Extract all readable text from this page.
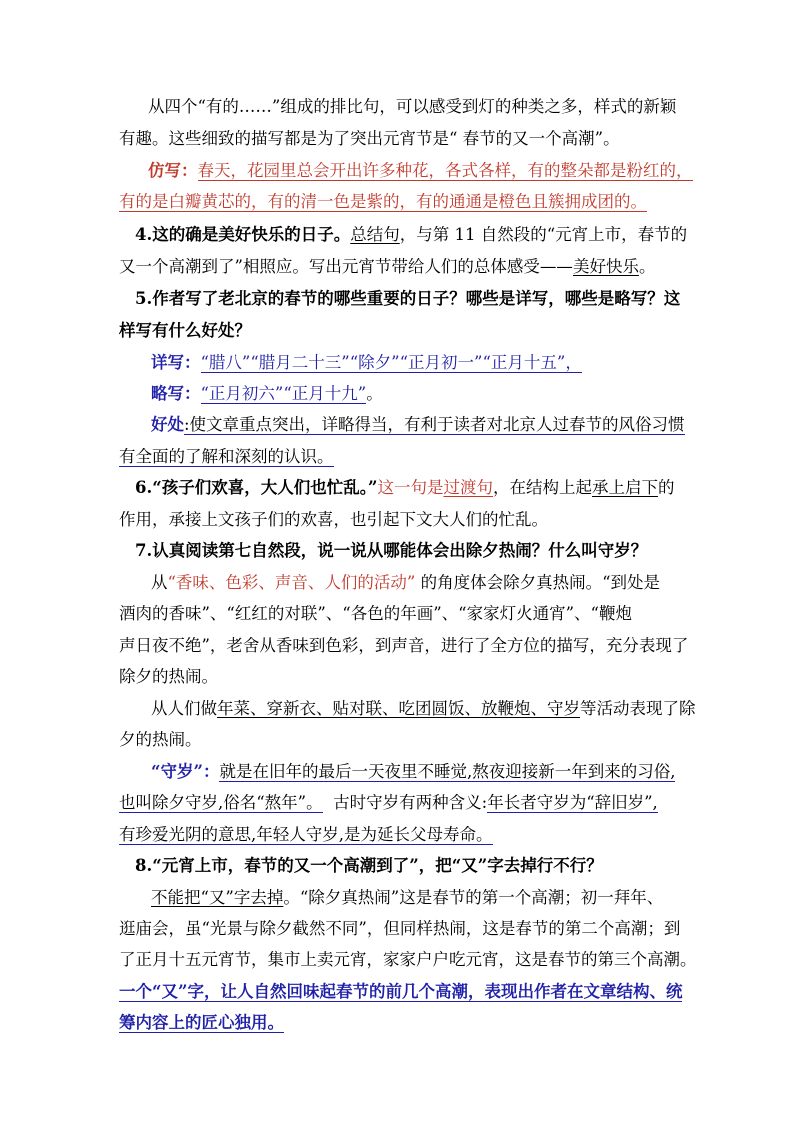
从四个“有的……”组成的排比句，可以感受到灯的种类之多，样式的新颖
有趣。这些细致的描写都是为了突出元宵节是“ 春节的又一个高潮”。
仿写：春天，花园里总会开出许多种花，各式各样，有的整朵都是粉红的，
有的是白瓣黄芯的，有的清一色是紫的，有的通通是橙色且簇拥成团的。
4.这的确是美好快乐的日子。总结句，与第 11 自然段的“元宵上市，春节的
又一个高潮到了”相照应。写出元宵节带给人们的总体感受——美好快乐。
5.作者写了老北京的春节的哪些重要的日子？哪些是详写，哪些是略写？这
样写有什么好处？
详写：“腊八”“腊月二十三”“除夕”“正月初一”“正月十五”，
略写：“正月初六”“正月十九”。
好处:使文章重点突出，详略得当，有利于读者对北京人过春节的风俗习惯
有全面的了解和深刻的认识。
6.“孩子们欢喜，大人们也忙乱。”这一句是过渡句，在结构上起承上启下的
作用，承接上文孩子们的欢喜，也引起下文大人们的忙乱。
7.认真阅读第七自然段，说一说从哪能体会出除夕热闹？什么叫守岁？
从“香味、色彩、声音、人们的活动” 的角度体会除夕真热闹。“到处是
酒肉的香味”、“红红的对联”、“各色的年画”、“家家灯火通宵”、“鞭炮
声日夜不绝”，老舍从香味到色彩，到声音，进行了全方位的描写，充分表现了
除夕的热闹。
从人们做年菜、穿新衣、贴对联、吃团圆饭、放鞭炮、守岁等活动表现了除
夕的热闹。
“守岁”：就是在旧年的最后一天夜里不睡觉,熬夜迎接新一年到来的习俗,
也叫除夕守岁,俗名“熬年”。 古时守岁有两种含义:年长者守岁为“辞旧岁”,
有珍爱光阴的意思,年轻人守岁,是为延长父母寿命。
8.“元宵上市，春节的又一个高潮到了”，把“又”字去掉行不行？
不能把“又”字去掉。“除夕真热闹”这是春节的第一个高潮；初一拜年、
逛庙会，虽“光景与除夕截然不同”，但同样热闹，这是春节的第二个高潮；到
了正月十五元宵节，集市上卖元宵，家家户户吃元宵，这是春节的第三个高潮。
一个“又”字，让人自然回味起春节的前几个高潮，表现出作者在文章结构、统
筹内容上的匠心独用。
